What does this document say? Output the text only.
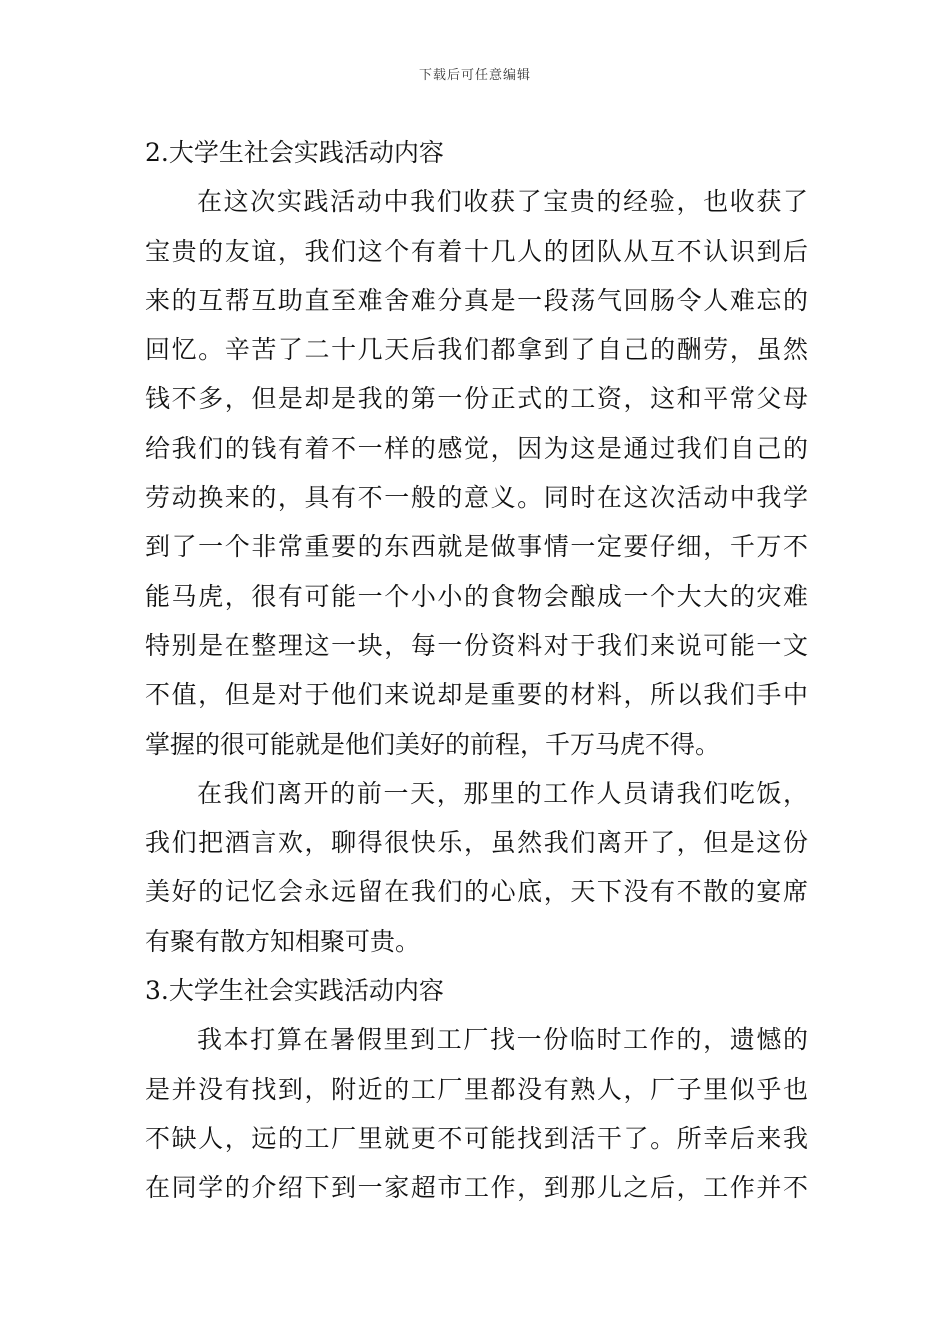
下载后可任意编辑
2.大学生社会实践活动内容
在这次实践活动中我们收获了宝贵的经验，也收获了
宝贵的友谊，我们这个有着十几人的团队从互不认识到后
来的互帮互助直至难舍难分真是一段荡气回肠令人难忘的
回忆。辛苦了二十几天后我们都拿到了自己的酬劳，虽然
钱不多，但是却是我的第一份正式的工资，这和平常父母
给我们的钱有着不一样的感觉，因为这是通过我们自己的
劳动换来的，具有不一般的意义。同时在这次活动中我学
到了一个非常重要的东西就是做事情一定要仔细，千万不
能马虎，很有可能一个小小的食物会酿成一个大大的灾难
特别是在整理这一块，每一份资料对于我们来说可能一文
不值，但是对于他们来说却是重要的材料，所以我们手中
掌握的很可能就是他们美好的前程，千万马虎不得。
在我们离开的前一天，那里的工作人员请我们吃饭，
我们把酒言欢，聊得很快乐，虽然我们离开了，但是这份
美好的记忆会永远留在我们的心底，天下没有不散的宴席
有聚有散方知相聚可贵。
3.大学生社会实践活动内容
我本打算在暑假里到工厂找一份临时工作的，遗憾的
是并没有找到，附近的工厂里都没有熟人，厂子里似乎也
不缺人，远的工厂里就更不可能找到活干了。所幸后来我
在同学的介绍下到一家超市工作，到那儿之后，工作并不
